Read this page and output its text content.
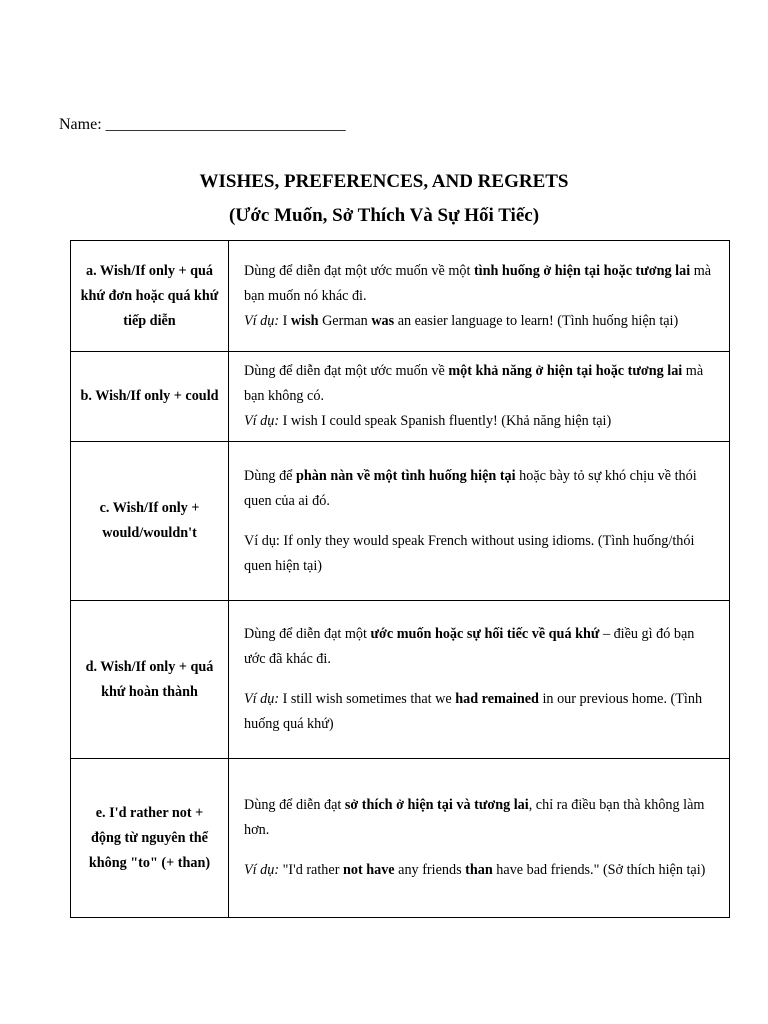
Name: ______________________________
WISHES, PREFERENCES, AND REGRETS
(Ước Muốn, Sở Thích Và Sự Hối Tiếc)
a. Wish/If only + quá khứ đơn hoặc quá khứ tiếp diễn	Dùng để diễn đạt một ước muốn về một tình huống ở hiện tại hoặc tương lai mà bạn muốn nó khác đi.
Ví dụ: I wish German was an easier language to learn! (Tình huống hiện tại)

b. Wish/If only + could	Dùng để diễn đạt một ước muốn về một khả năng ở hiện tại hoặc tương lai mà bạn không có.
Ví dụ: I wish I could speak Spanish fluently! (Khả năng hiện tại)

c. Wish/If only + would/wouldn't	Dùng để phàn nàn về một tình huống hiện tại hoặc bày tỏ sự khó chịu về thói quen của ai đó.
Ví dụ: If only they would speak French without using idioms. (Tình huống/thói quen hiện tại)

d. Wish/If only + quá khứ hoàn thành	Dùng để diễn đạt một ước muốn hoặc sự hối tiếc về quá khứ – điều gì đó bạn ước đã khác đi.
Ví dụ: I still wish sometimes that we had remained in our previous home. (Tình huống quá khứ)

e. I'd rather not + động từ nguyên thể không "to" (+ than)	Dùng để diễn đạt sở thích ở hiện tại và tương lai, chỉ ra điều bạn thà không làm hơn.
Ví dụ: "I'd rather not have any friends than have bad friends." (Sở thích hiện tại)
